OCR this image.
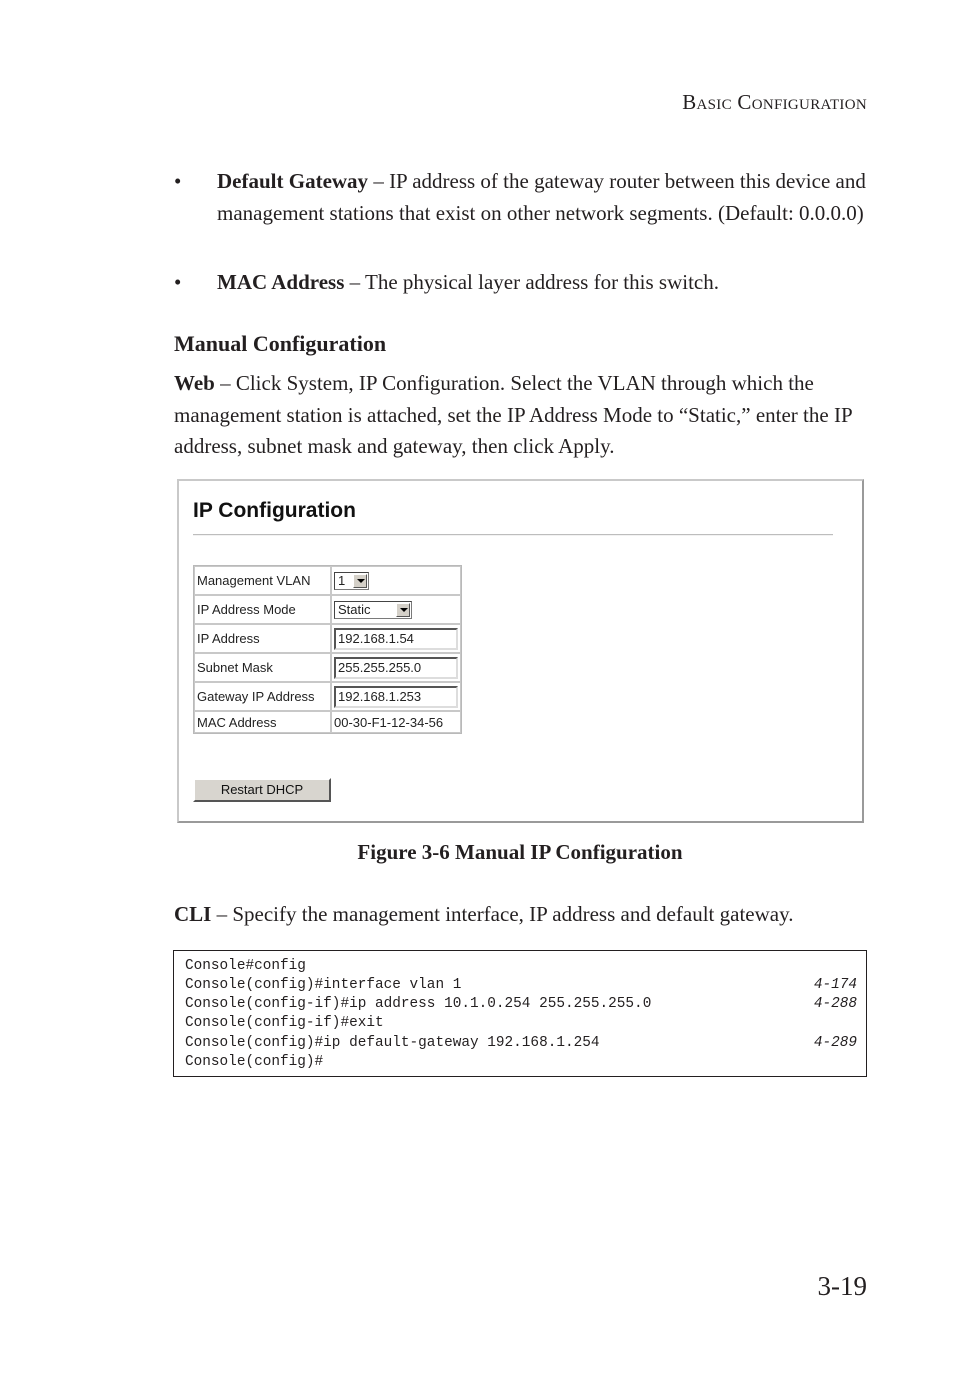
Basic Configuration
• Default Gateway – IP address of the gateway router between this device and management stations that exist on other network segments. (Default: 0.0.0.0)
• MAC Address – The physical layer address for this switch.
Manual Configuration
Web – Click System, IP Configuration. Select the VLAN through which the management station is attached, set the IP Address Mode to “Static,” enter the IP address, subnet mask and gateway, then click Apply.
IP Configuration
Management VLAN	1

IP Address Mode	Static

IP Address	192.168.1.54
Subnet Mask	255.255.255.0
Gateway IP Address	192.168.1.253
MAC Address	00-30-F1-12-34-56
Restart DHCP
Figure 3-6 Manual IP Configuration
CLI – Specify the management interface, IP address and default gateway.
Console#config
Console(config)#interface vlan 1	4-174
Console(config-if)#ip address 10.1.0.254 255.255.255.0	4-288
Console(config-if)#exit
Console(config)#ip default-gateway 192.168.1.254	4-289
Console(config)#
3-19
